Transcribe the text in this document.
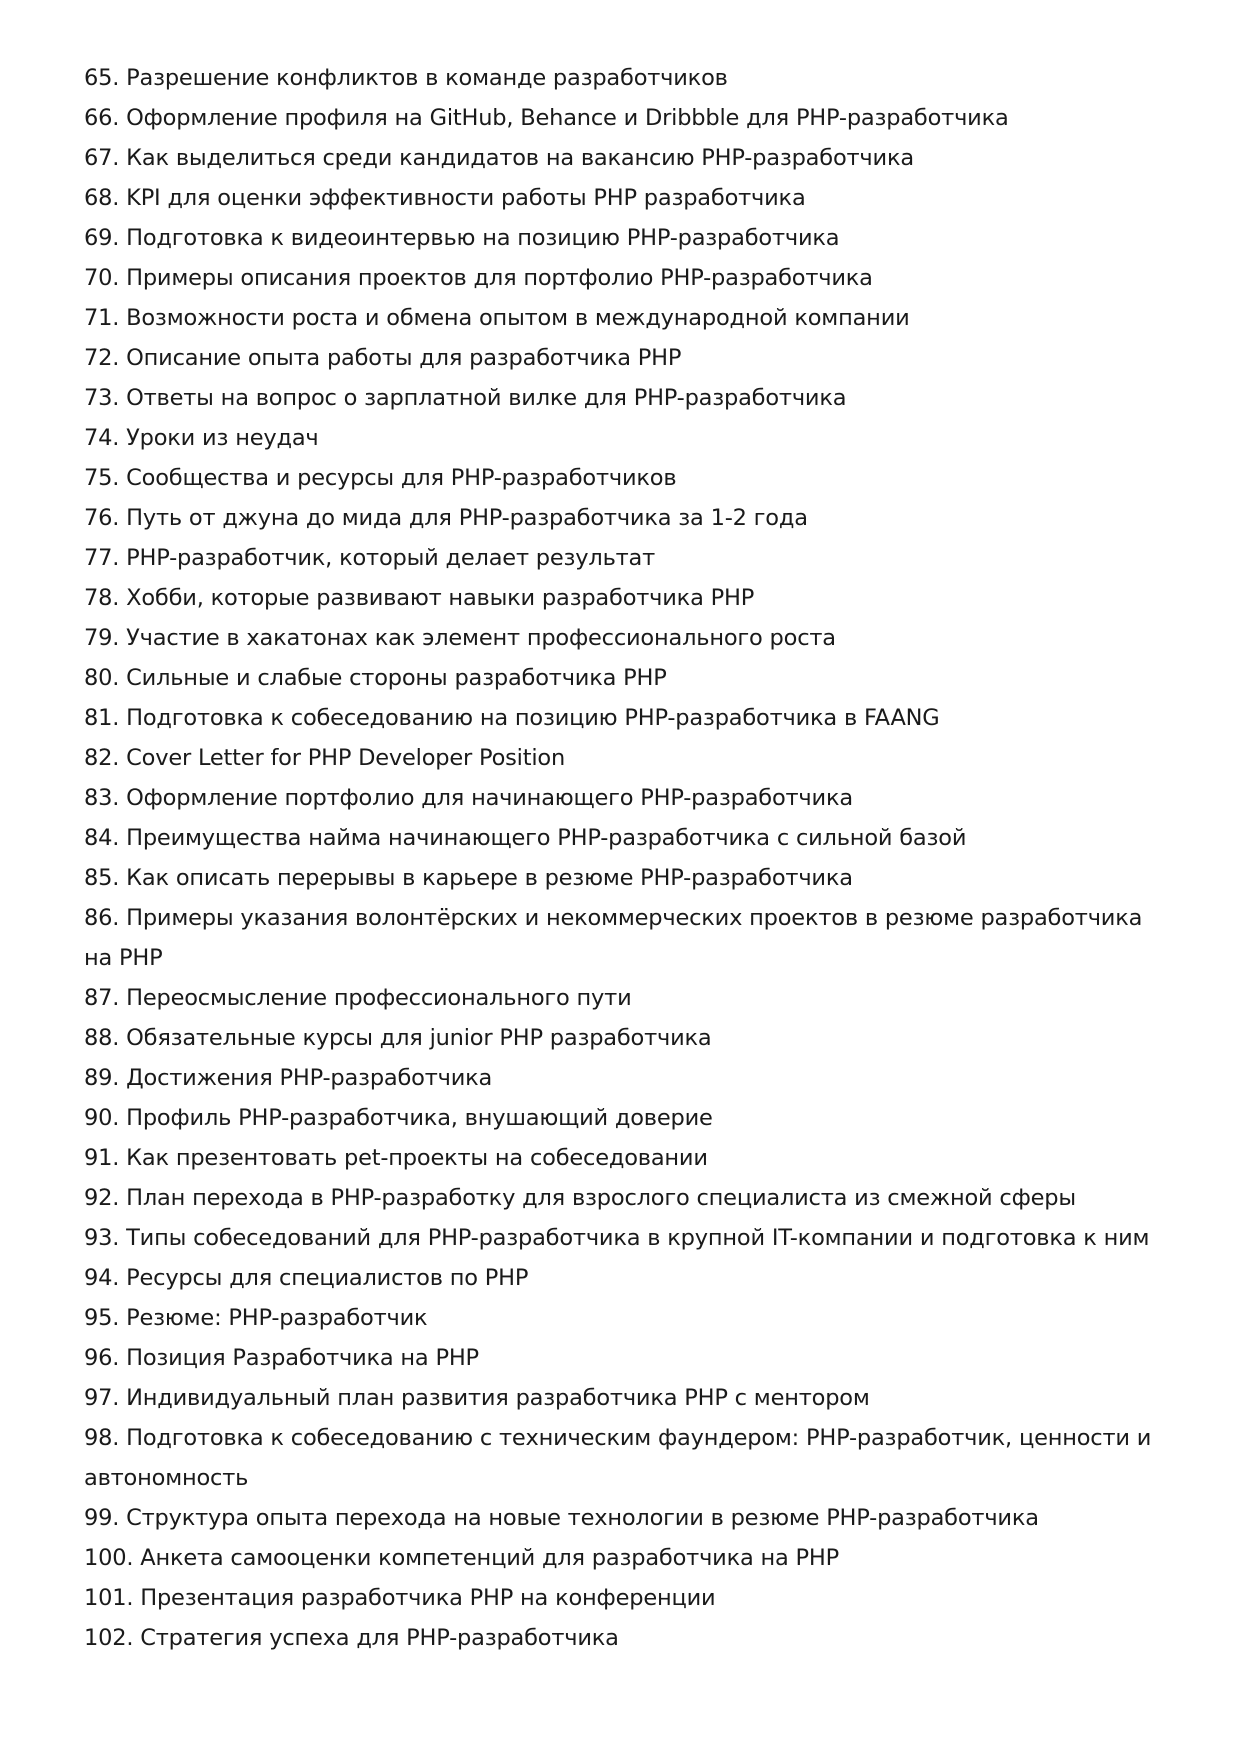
65. Разрешение конфликтов в команде разработчиков
66. Оформление профиля на GitHub, Behance и Dribbble для PHP-разработчика
67. Как выделиться среди кандидатов на вакансию PHP-разработчика
68. KPI для оценки эффективности работы PHP разработчика
69. Подготовка к видеоинтервью на позицию PHP-разработчика
70. Примеры описания проектов для портфолио PHP-разработчика
71. Возможности роста и обмена опытом в международной компании
72. Описание опыта работы для разработчика PHP
73. Ответы на вопрос о зарплатной вилке для PHP-разработчика
74. Уроки из неудач
75. Сообщества и ресурсы для PHP-разработчиков
76. Путь от джуна до мида для PHP-разработчика за 1-2 года
77. PHP-разработчик, который делает результат
78. Хобби, которые развивают навыки разработчика PHP
79. Участие в хакатонах как элемент профессионального роста
80. Сильные и слабые стороны разработчика PHP
81. Подготовка к собеседованию на позицию PHP-разработчика в FAANG
82. Cover Letter for PHP Developer Position
83. Оформление портфолио для начинающего PHP-разработчика
84. Преимущества найма начинающего PHP-разработчика с сильной базой
85. Как описать перерывы в карьере в резюме PHP-разработчика
86. Примеры указания волонтёрских и некоммерческих проектов в резюме разработчика на PHP
87. Переосмысление профессионального пути
88. Обязательные курсы для junior PHP разработчика
89. Достижения PHP-разработчика
90. Профиль PHP-разработчика, внушающий доверие
91. Как презентовать pet-проекты на собеседовании
92. План перехода в PHP-разработку для взрослого специалиста из смежной сферы
93. Типы собеседований для PHP-разработчика в крупной IT-компании и подготовка к ним
94. Ресурсы для специалистов по PHP
95. Резюме: PHP-разработчик
96. Позиция Разработчика на PHP
97. Индивидуальный план развития разработчика PHP с ментором
98. Подготовка к собеседованию с техническим фаундером: PHP-разработчик, ценности и автономность
99. Структура опыта перехода на новые технологии в резюме PHP-разработчика
100. Анкета самооценки компетенций для разработчика на PHP
101. Презентация разработчика PHP на конференции
102. Стратегия успеха для PHP-разработчика
